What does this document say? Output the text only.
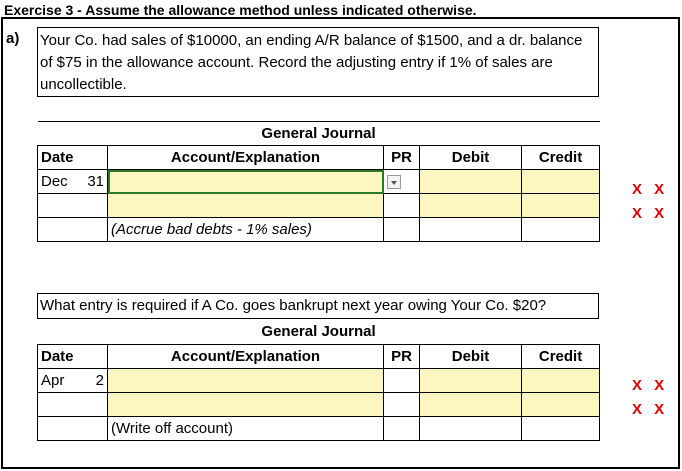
Exercise 3 - Assume the allowance method unless indicated otherwise.
a) Your Co. had sales of $10000, an ending A/R balance of $1500, and a dr. balance of $75 in the allowance account. Record the adjusting entry if 1% of sales are uncollectible.
General Journal				
Date	Account/Explanation	PR	Debit	Credit
Dec 31				

	(Accrue bad debts - 1% sales)			
X X
X X
What entry is required if A Co. goes bankrupt next year owing Your Co. $20?
General Journal				
Date	Account/Explanation	PR	Debit	Credit
Apr 2				

	(Write off account)			
X X
X X
